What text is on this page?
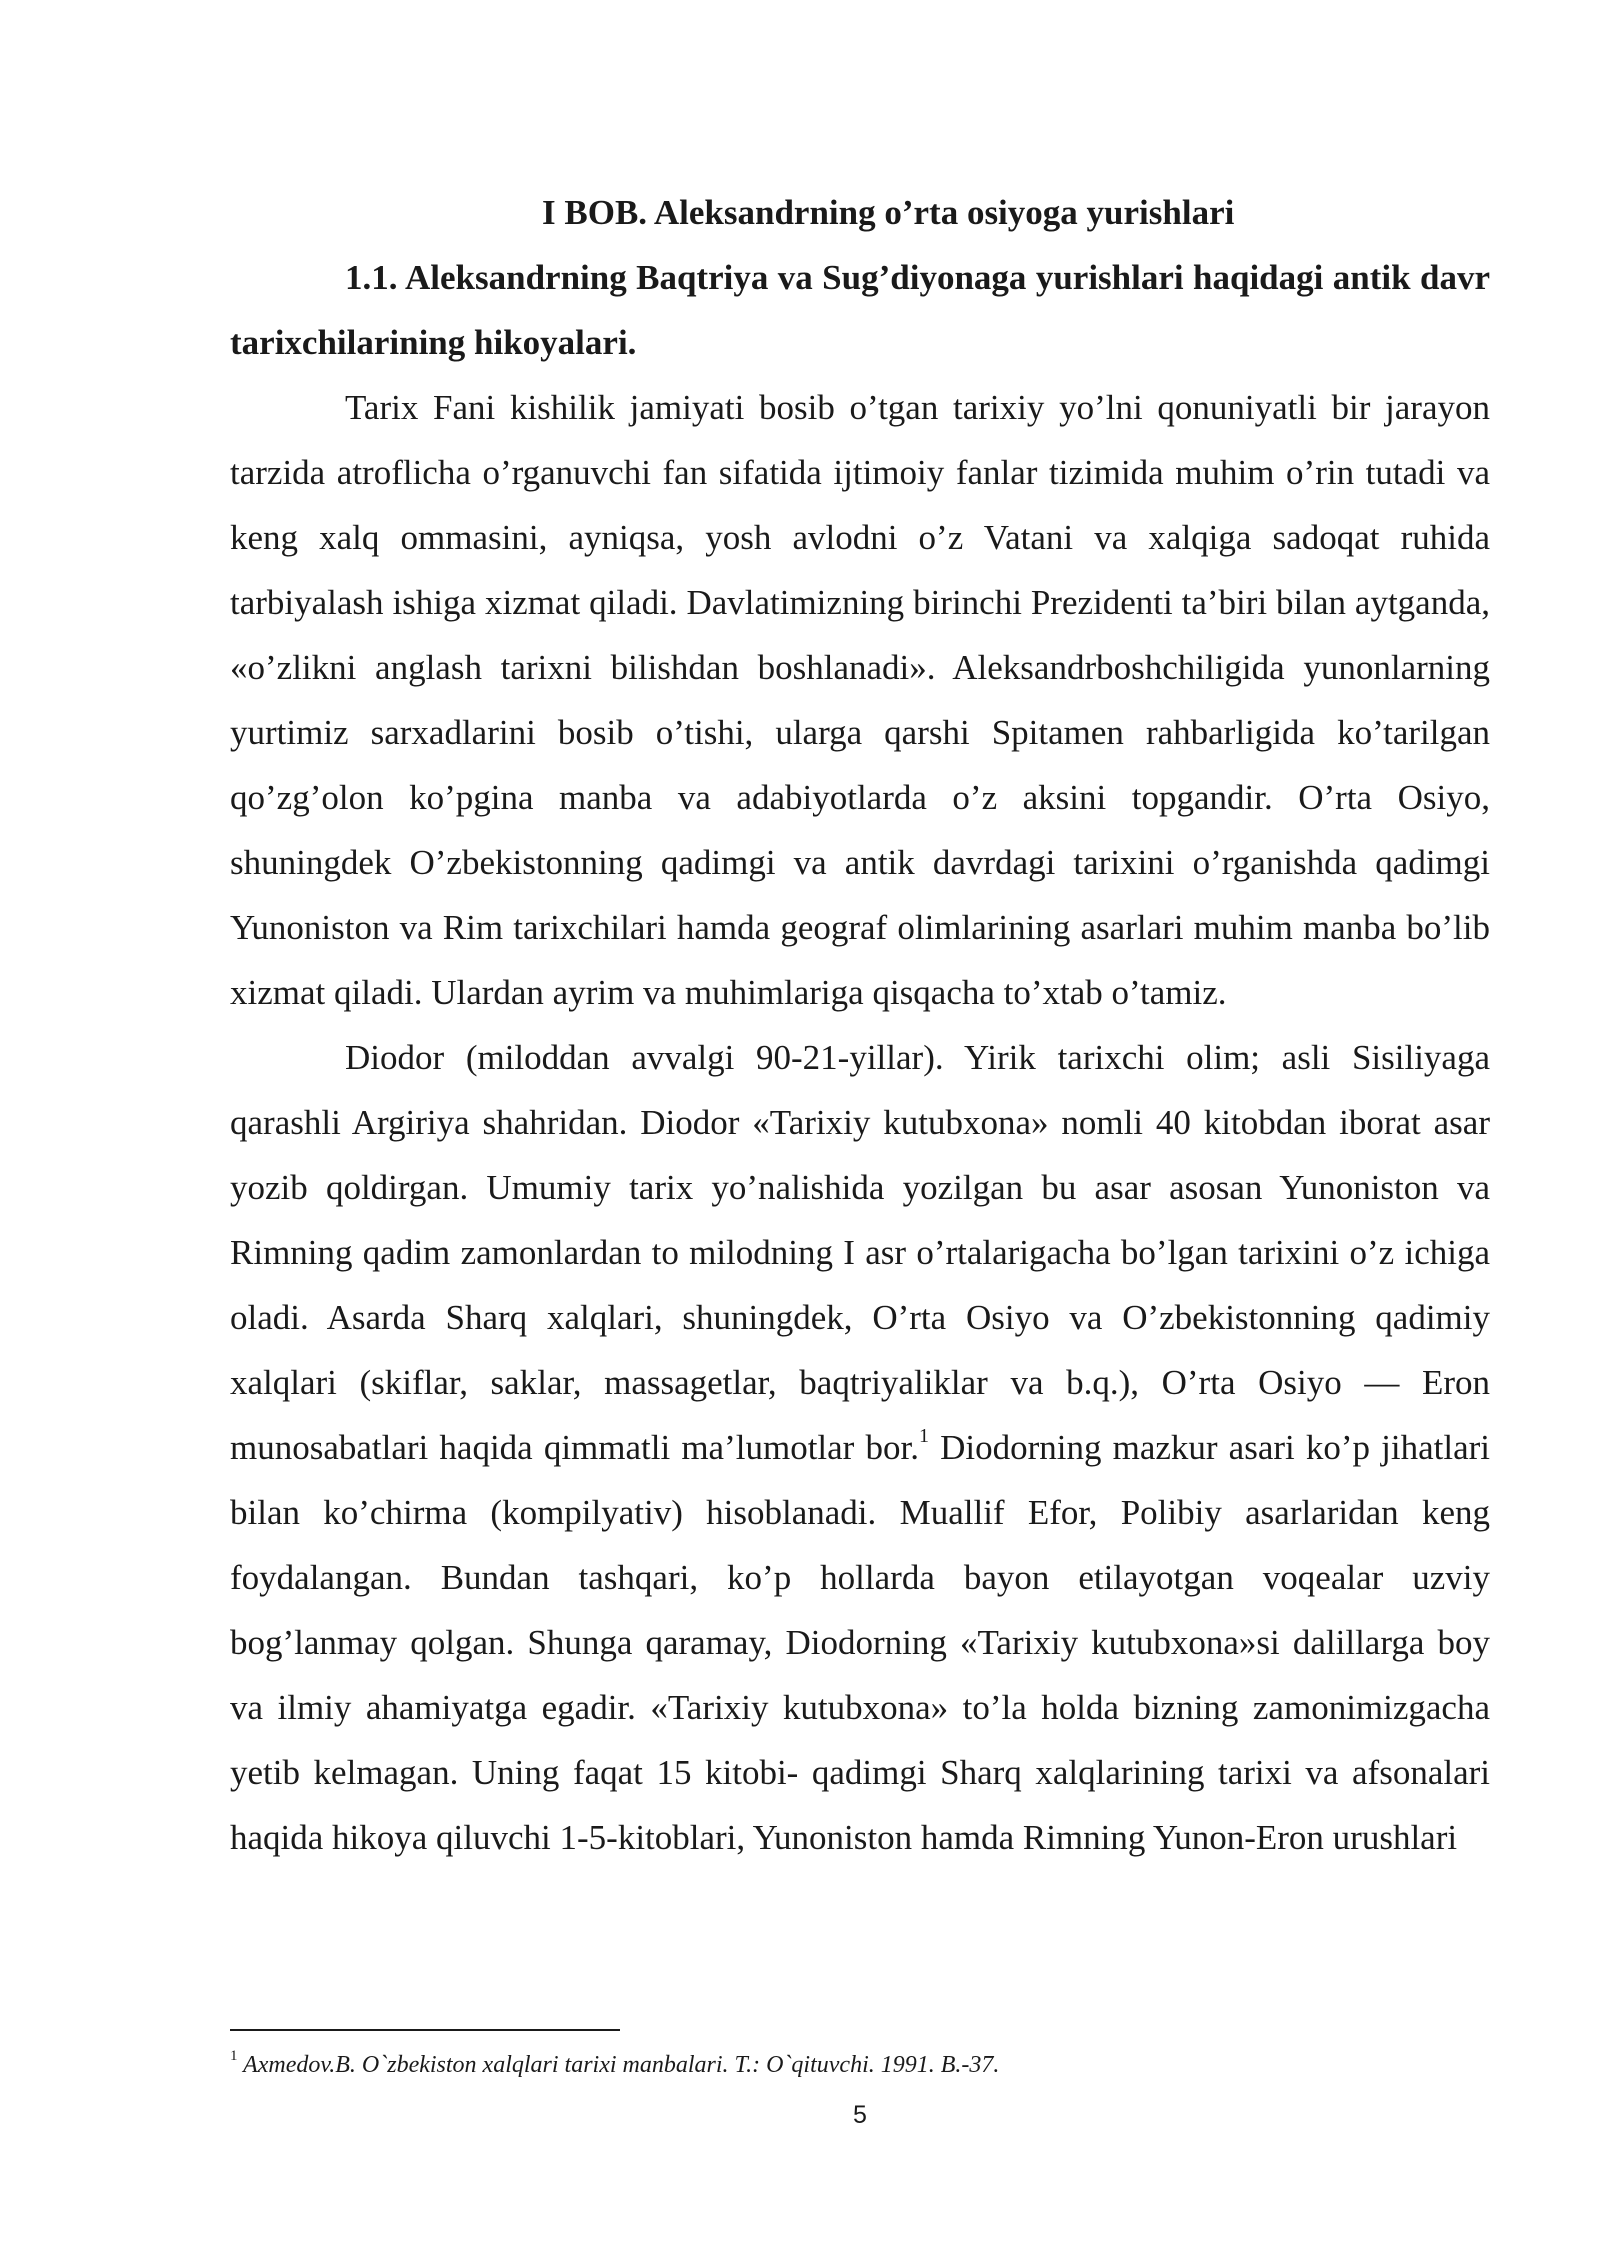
I BOB. Aleksandrning o’rta osiyoga yurishlari
1.1. Aleksandrning Baqtriya va Sug’diyonaga yurishlari haqidagi antik davr tarixchilarining hikoyalari.

Tarix Fani kishilik jamiyati bosib o’tgan tarixiy yo’lni qonuniyatli bir jarayon tarzida atroflicha o’rganuvchi fan sifatida ijtimoiy fanlar tizimida muhim o’rin tutadi va keng xalq ommasini, ayniqsa, yosh avlodni o’z Vatani va xalqiga sadoqat ruhida tarbiyalash ishiga xizmat qiladi. Davlatimizning birinchi Prezidenti ta’biri bilan aytganda, «o’zlikni anglash tarixni bilishdan boshlanadi». Aleksandrboshchiligida yunonlarning yurtimiz sarxadlarini bosib o’tishi, ularga qarshi Spitamen rahbarligida ko’tarilgan qo’zg’olon ko’pgina manba va adabiyotlarda o’z aksini topgandir. O’rta Osiyo, shuningdek O’zbekistonning qadimgi va antik davrdagi tarixini o’rganishda qadimgi Yunoniston va Rim tarixchilari hamda geograf olimlarining asarlari muhim manba bo’lib xizmat qiladi. Ulardan ayrim va muhimlariga qisqacha to’xtab o’tamiz.

Diodor (miloddan avvalgi 90-21-yillar). Yirik tarixchi olim; asli Sisiliyaga qarashli Argiriya shahridan. Diodor «Tarixiy kutubxona» nomli 40 kitobdan iborat asar yozib qoldirgan. Umumiy tarix yo’nalishida yozilgan bu asar asosan Yunoniston va Rimning qadim zamonlardan to milodning I asr o’rtalarigacha bo’lgan tarixini o’z ichiga oladi. Asarda Sharq xalqlari, shuningdek, O’rta Osiyo va O’zbekistonning qadimiy xalqlari (skiflar, saklar, massagetlar, baqtriyaliklar va b.q.), O’rta Osiyo — Eron munosabatlari haqida qimmatli ma’lumotlar bor.$^1$ Diodorning mazkur asari ko’p jihatlari bilan ko’chirma (kompilyativ) hisoblanadi. Muallif Efor, Polibiy asarlaridan keng foydalangan. Bundan tashqari, ko’p hollarda bayon etilayotgan voqealar uzviy bog’lanmay qolgan. Shunga qaramay, Diodorning «Tarixiy kutubxona»si dalillarga boy va ilmiy ahamiyatga egadir. «Tarixiy kutubxona» to’la holda bizning zamonimizgacha yetib kelmagan. Uning faqat 15 kitobi- qadimgi Sharq xalqlarining tarixi va afsonalari haqida hikoya qiluvchi 1-5-kitoblari, Yunoniston hamda Rimning Yunon-Eron urushlari

$^1$ Axmedov.B. O`zbekiston xalqlari tarixi manbalari. T.: O`qituvchi. 1991. B.-37.
5
